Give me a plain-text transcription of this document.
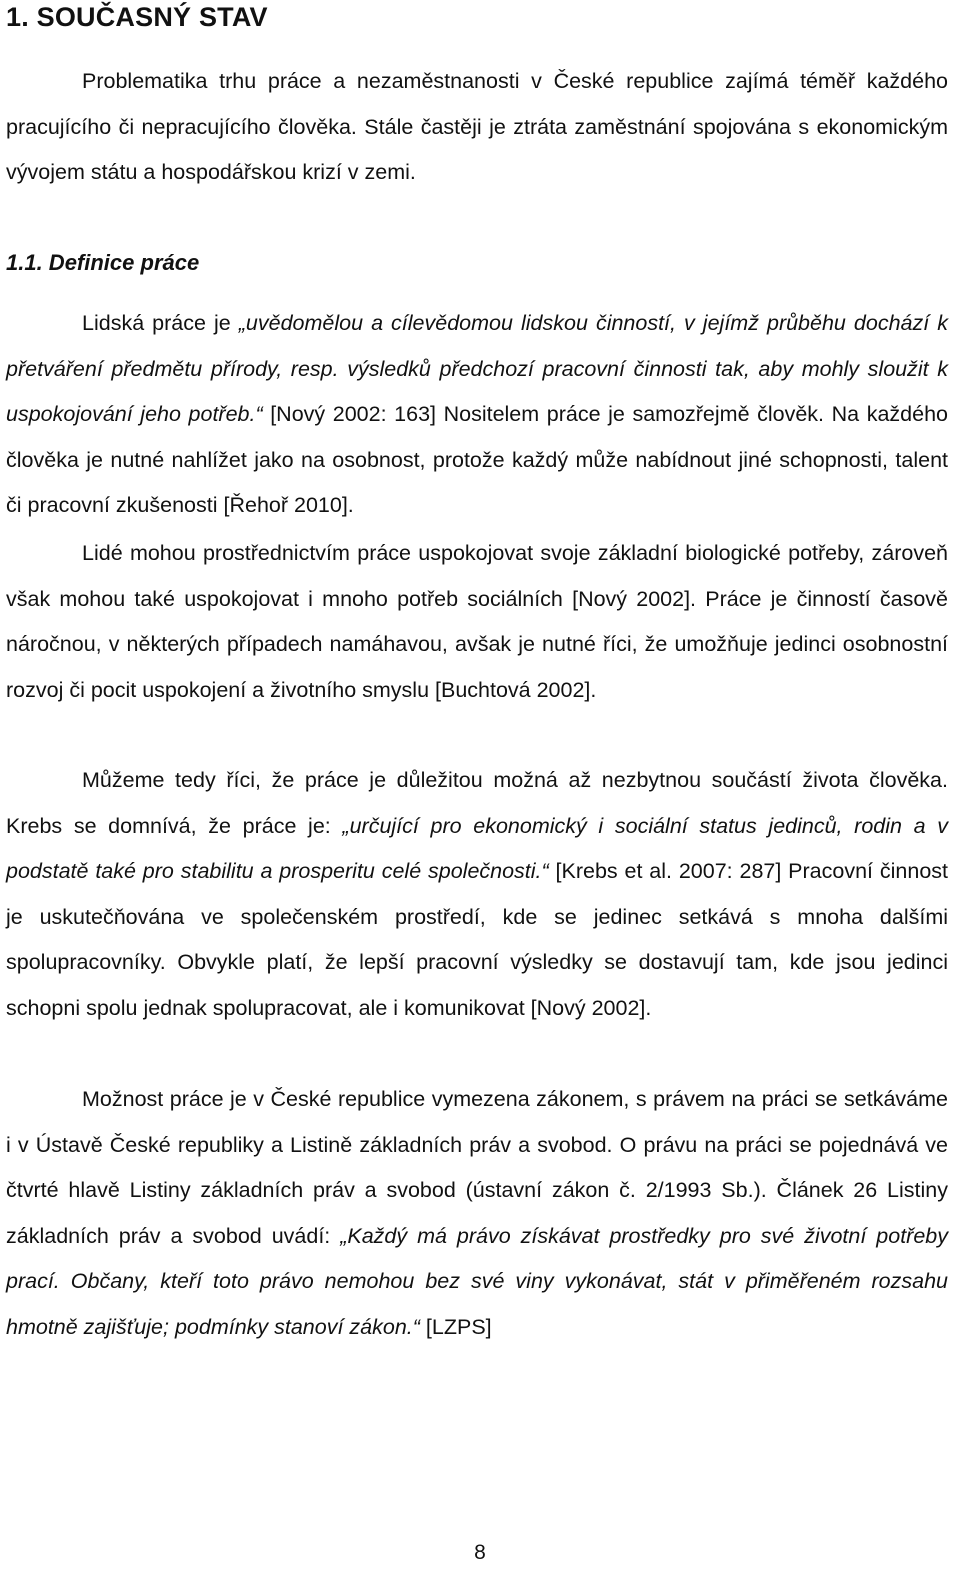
1. SOUČASNÝ STAV

Problematika trhu práce a nezaměstnanosti v České republice zajímá téměř každého pracujícího či nepracujícího člověka. Stále častěji je ztráta zaměstnání spojována s ekonomickým vývojem státu a hospodářskou krizí v zemi.

1.1. Definice práce

Lidská práce je „uvědomělou a cílevědomou lidskou činností, v jejímž průběhu dochází k přetváření předmětu přírody, resp. výsledků předchozí pracovní činnosti tak, aby mohly sloužit k uspokojování jeho potřeb.“ [Nový 2002: 163] Nositelem práce je samozřejmě člověk. Na každého člověka je nutné nahlížet jako na osobnost, protože každý může nabídnout jiné schopnosti, talent či pracovní zkušenosti [Řehoř 2010].

Lidé mohou prostřednictvím práce uspokojovat svoje základní biologické potřeby, zároveň však mohou také uspokojovat i mnoho potřeb sociálních [Nový 2002]. Práce je činností časově náročnou, v některých případech namáhavou, avšak je nutné říci, že umožňuje jedinci osobnostní rozvoj či pocit uspokojení a životního smyslu [Buchtová 2002].

Můžeme tedy říci, že práce je důležitou možná až nezbytnou součástí života člověka. Krebs se domnívá, že práce je: „určující pro ekonomický i sociální status jedinců, rodin a v podstatě také pro stabilitu a prosperitu celé společnosti.“ [Krebs et al. 2007: 287] Pracovní činnost je uskutečňována ve společenském prostředí, kde se jedinec setkává s mnoha dalšími spolupracovníky. Obvykle platí, že lepší pracovní výsledky se dostavují tam, kde jsou jedinci schopni spolu jednak spolupracovat, ale i komunikovat [Nový 2002].

Možnost práce je v České republice vymezena zákonem, s právem na práci se setkáváme i v Ústavě České republiky a Listině základních práv a svobod. O právu na práci se pojednává ve čtvrté hlavě Listiny základních práv a svobod (ústavní zákon č. 2/1993 Sb.). Článek 26 Listiny základních práv a svobod uvádí: „Každý má právo získávat prostředky pro své životní potřeby prací. Občany, kteří toto právo nemohou bez své viny vykonávat, stát v přiměřeném rozsahu hmotně zajišťuje; podmínky stanoví zákon.“ [LZPS]

8
